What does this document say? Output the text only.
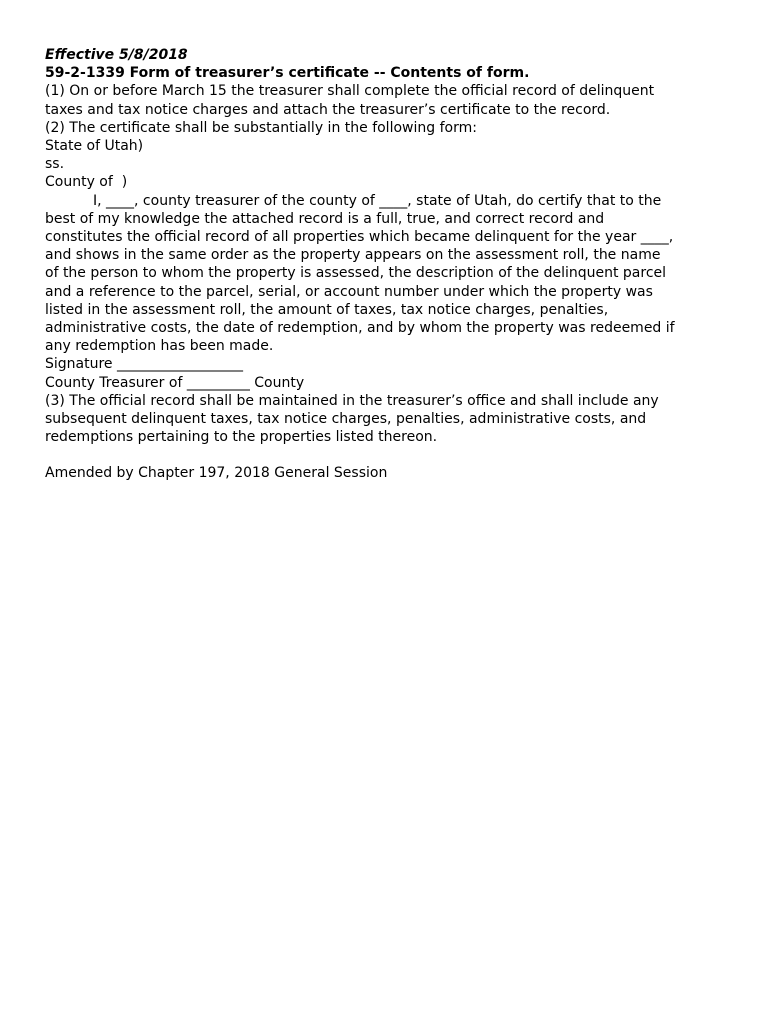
Effective 5/8/2018
59-2-1339 Form of treasurer’s certificate -- Contents of form.
(1) On or before March 15 the treasurer shall complete the official record of delinquent
taxes and tax notice charges and attach the treasurer’s certificate to the record.
(2) The certificate shall be substantially in the following form:
State of Utah)
ss.
County of  )
I, ____, county treasurer of the county of ____, state of Utah, do certify that to the
best of my knowledge the attached record is a full, true, and correct record and
constitutes the official record of all properties which became delinquent for the year ____,
and shows in the same order as the property appears on the assessment roll, the name
of the person to whom the property is assessed, the description of the delinquent parcel
and a reference to the parcel, serial, or account number under which the property was
listed in the assessment roll, the amount of taxes, tax notice charges, penalties,
administrative costs, the date of redemption, and by whom the property was redeemed if
any redemption has been made.
Signature __________________
County Treasurer of _________ County
(3) The official record shall be maintained in the treasurer’s office and shall include any
subsequent delinquent taxes, tax notice charges, penalties, administrative costs, and
redemptions pertaining to the properties listed thereon.
Amended by Chapter 197, 2018 General Session
